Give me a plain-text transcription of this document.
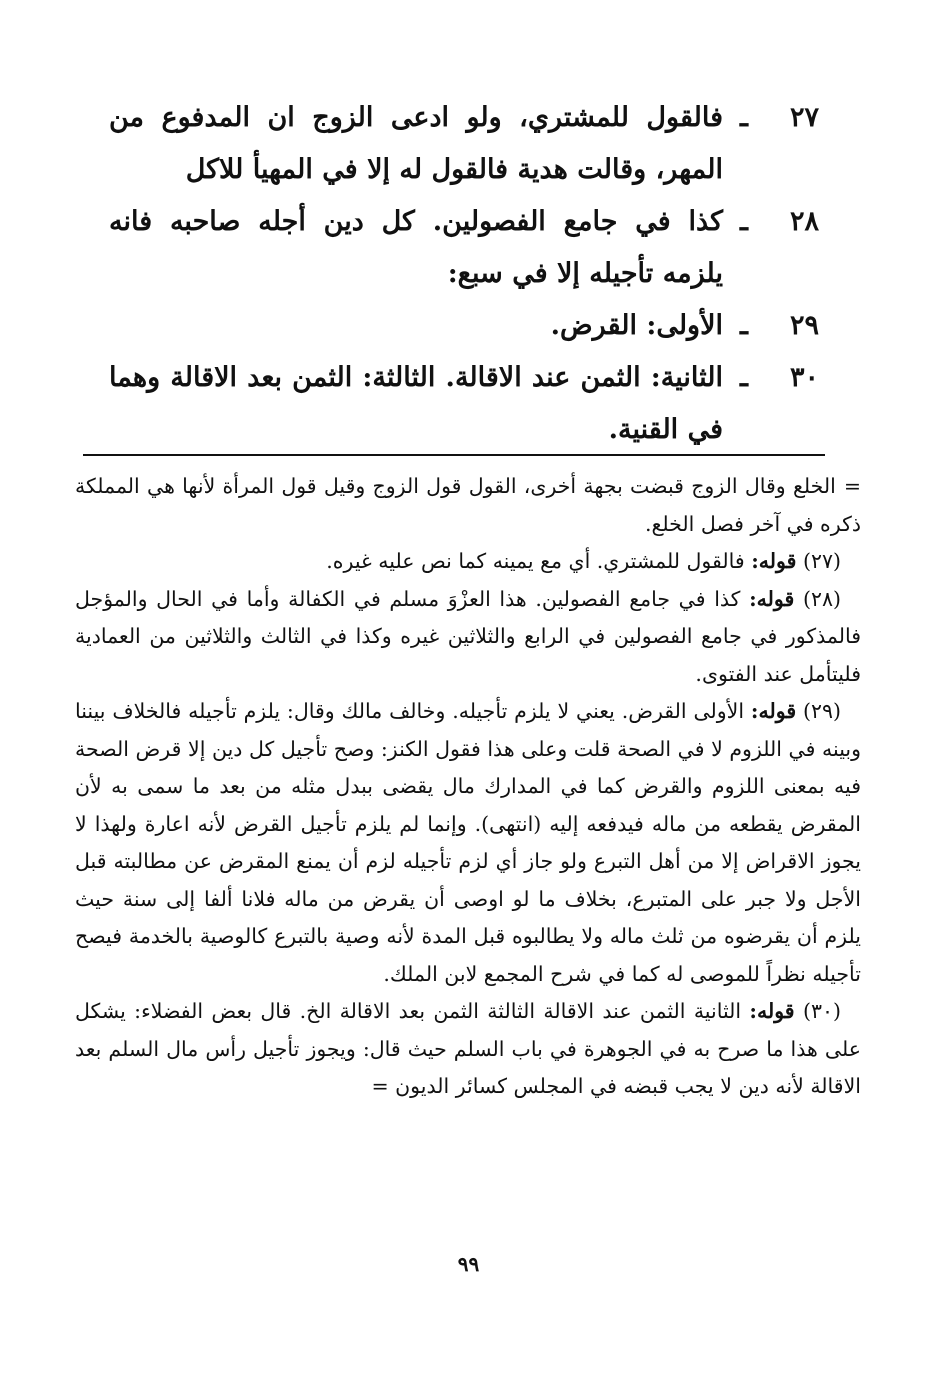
٢٧
ـ
فالقول للمشتري، ولو ادعى الزوج ان المدفوع من المهر، وقالت هدية فالقول له إلا في المهيأ للاكل
٢٨
ـ
كذا في جامع الفصولين. كل دين أجله صاحبه فانه يلزمه تأجيله إلا في سبع:
٢٩
ـ
الأولى: القرض.
٣٠
ـ
الثانية: الثمن عند الاقالة. الثالثة: الثمن بعد الاقالة وهما في القنية.

=الخلع وقال الزوج قبضت بجهة أخرى، القول قول الزوج وقيل قول المرأة لأنها هي المملكة ذكره في آخر فصل الخلع.

(٢٧) قوله: فالقول للمشتري. أي مع يمينه كما نص عليه غيره.

(٢٨) قوله: كذا في جامع الفصولين. هذا العزْوَ مسلم في الكفالة وأما في الحال والمؤجل فالمذكور في جامع الفصولين في الرابع والثلاثين غيره وكذا في الثالث والثلاثين من العمادية فليتأمل عند الفتوى.

(٢٩) قوله: الأولى القرض. يعني لا يلزم تأجيله. وخالف مالك وقال: يلزم تأجيله فالخلاف بيننا وبينه في اللزوم لا في الصحة قلت وعلى هذا فقول الكنز: وصح تأجيل كل دين إلا قرض الصحة فيه بمعنى اللزوم والقرض كما في المدارك مال يقضى ببدل مثله من بعد ما سمى به لأن المقرض يقطعه من ماله فيدفعه إليه (انتهى). وإنما لم يلزم تأجيل القرض لأنه اعارة ولهذا لا يجوز الاقراض إلا من أهل التبرع ولو جاز أي لزم تأجيله لزم أن يمنع المقرض عن مطالبته قبل الأجل ولا جبر على المتبرع، بخلاف ما لو اوصى أن يقرض من ماله فلانا ألفا إلى سنة حيث يلزم أن يقرضوه من ثلث ماله ولا يطالبوه قبل المدة لأنه وصية بالتبرع كالوصية بالخدمة فيصح تأجيله نظراً للموصى له كما في شرح المجمع لابن الملك.

(٣٠) قوله: الثانية الثمن عند الاقالة الثالثة الثمن بعد الاقالة الخ. قال بعض الفضلاء: يشكل على هذا ما صرح به في الجوهرة في باب السلم حيث قال: ويجوز تأجيل رأس مال السلم بعد الاقالة لأنه دين لا يجب قبضه في المجلس كسائر الديون =

٩٩
